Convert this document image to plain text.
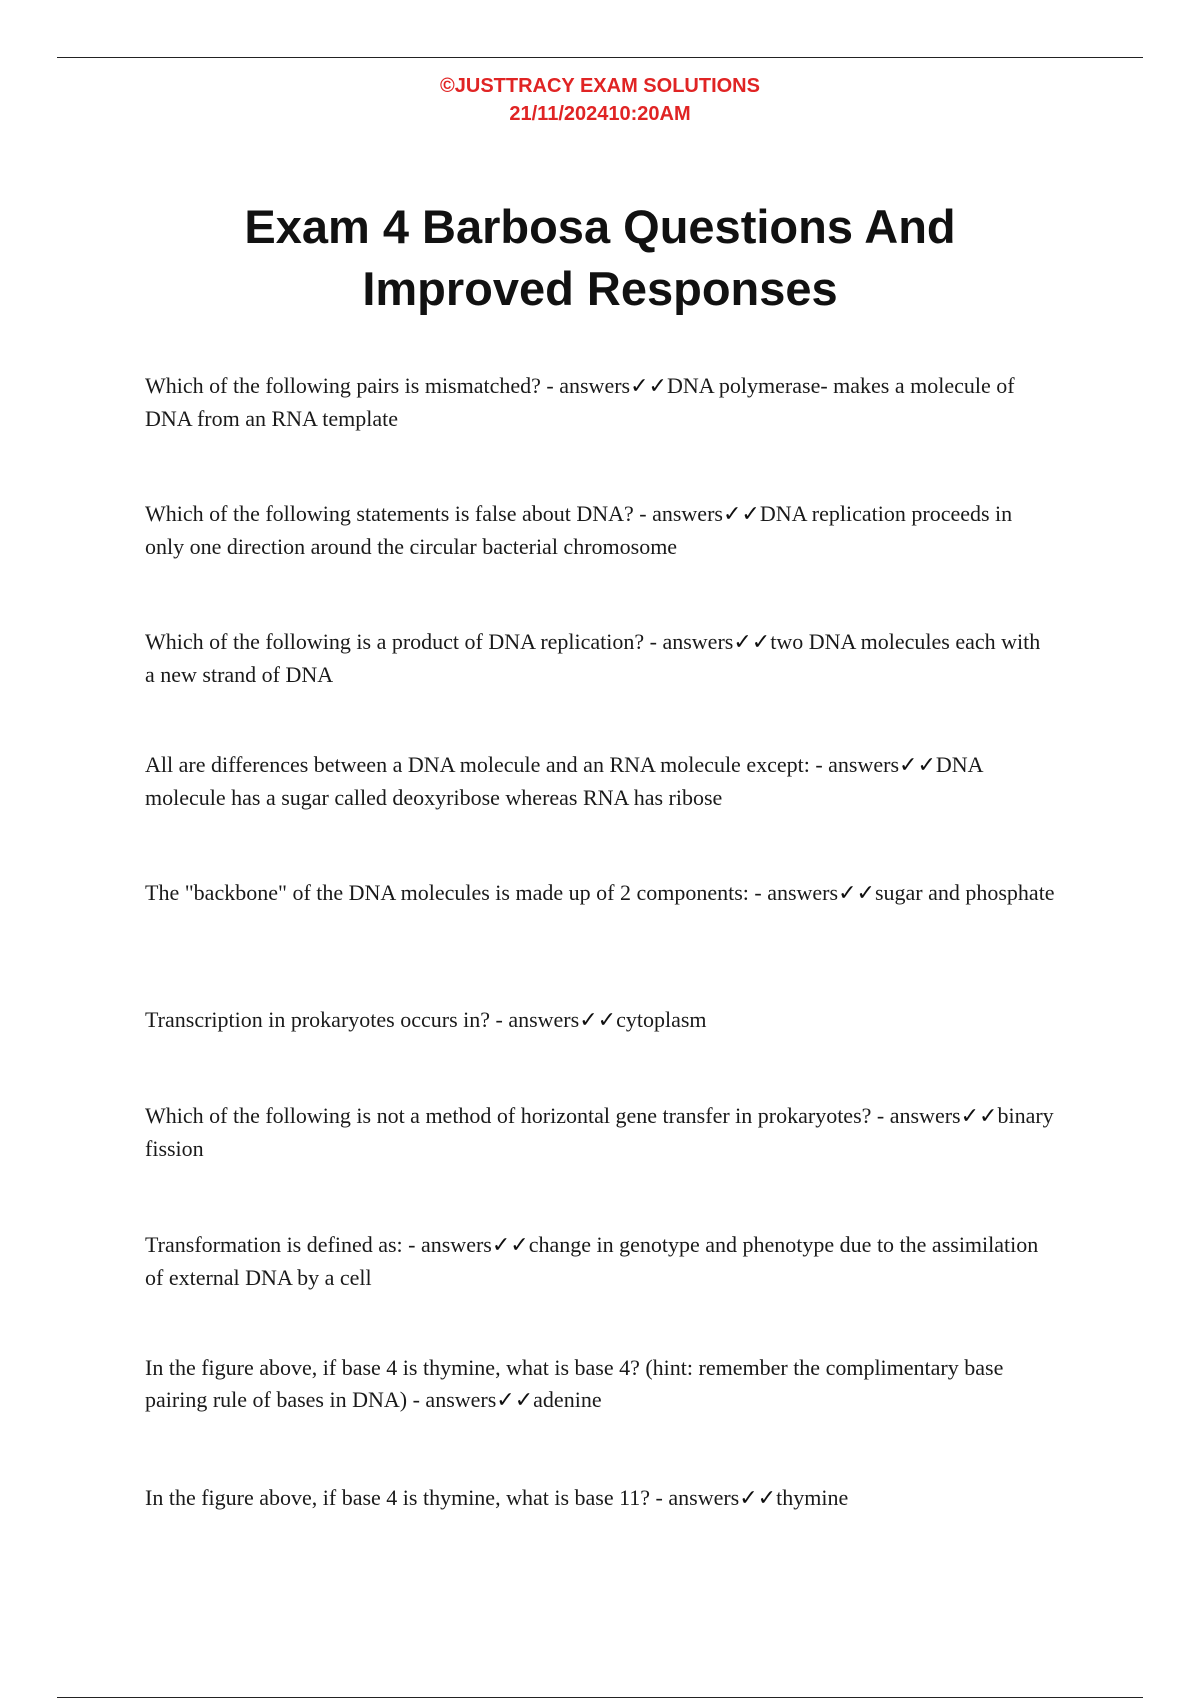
©JUSTTRACY EXAM SOLUTIONS
21/11/202410:20AM
Exam 4 Barbosa Questions And
Improved Responses

Which of the following pairs is mismatched? - answers✓✓DNA polymerase- makes a molecule of DNA from an RNA template

Which of the following statements is false about DNA? - answers✓✓DNA replication proceeds in only one direction around the circular bacterial chromosome

Which of the following is a product of DNA replication? - answers✓✓two DNA molecules each with a new strand of DNA

All are differences between a DNA molecule and an RNA molecule except: - answers✓✓DNA molecule has a sugar called deoxyribose whereas RNA has ribose

The "backbone" of the DNA molecules is made up of 2 components: - answers✓✓sugar and phosphate

Transcription in prokaryotes occurs in? - answers✓✓cytoplasm

Which of the following is not a method of horizontal gene transfer in prokaryotes? - answers✓✓binary fission

Transformation is defined as: - answers✓✓change in genotype and phenotype due to the assimilation of external DNA by a cell

In the figure above, if base 4 is thymine, what is base 4? (hint: remember the complimentary base pairing rule of bases in DNA) - answers✓✓adenine

In the figure above, if base 4 is thymine, what is base 11? - answers✓✓thymine
